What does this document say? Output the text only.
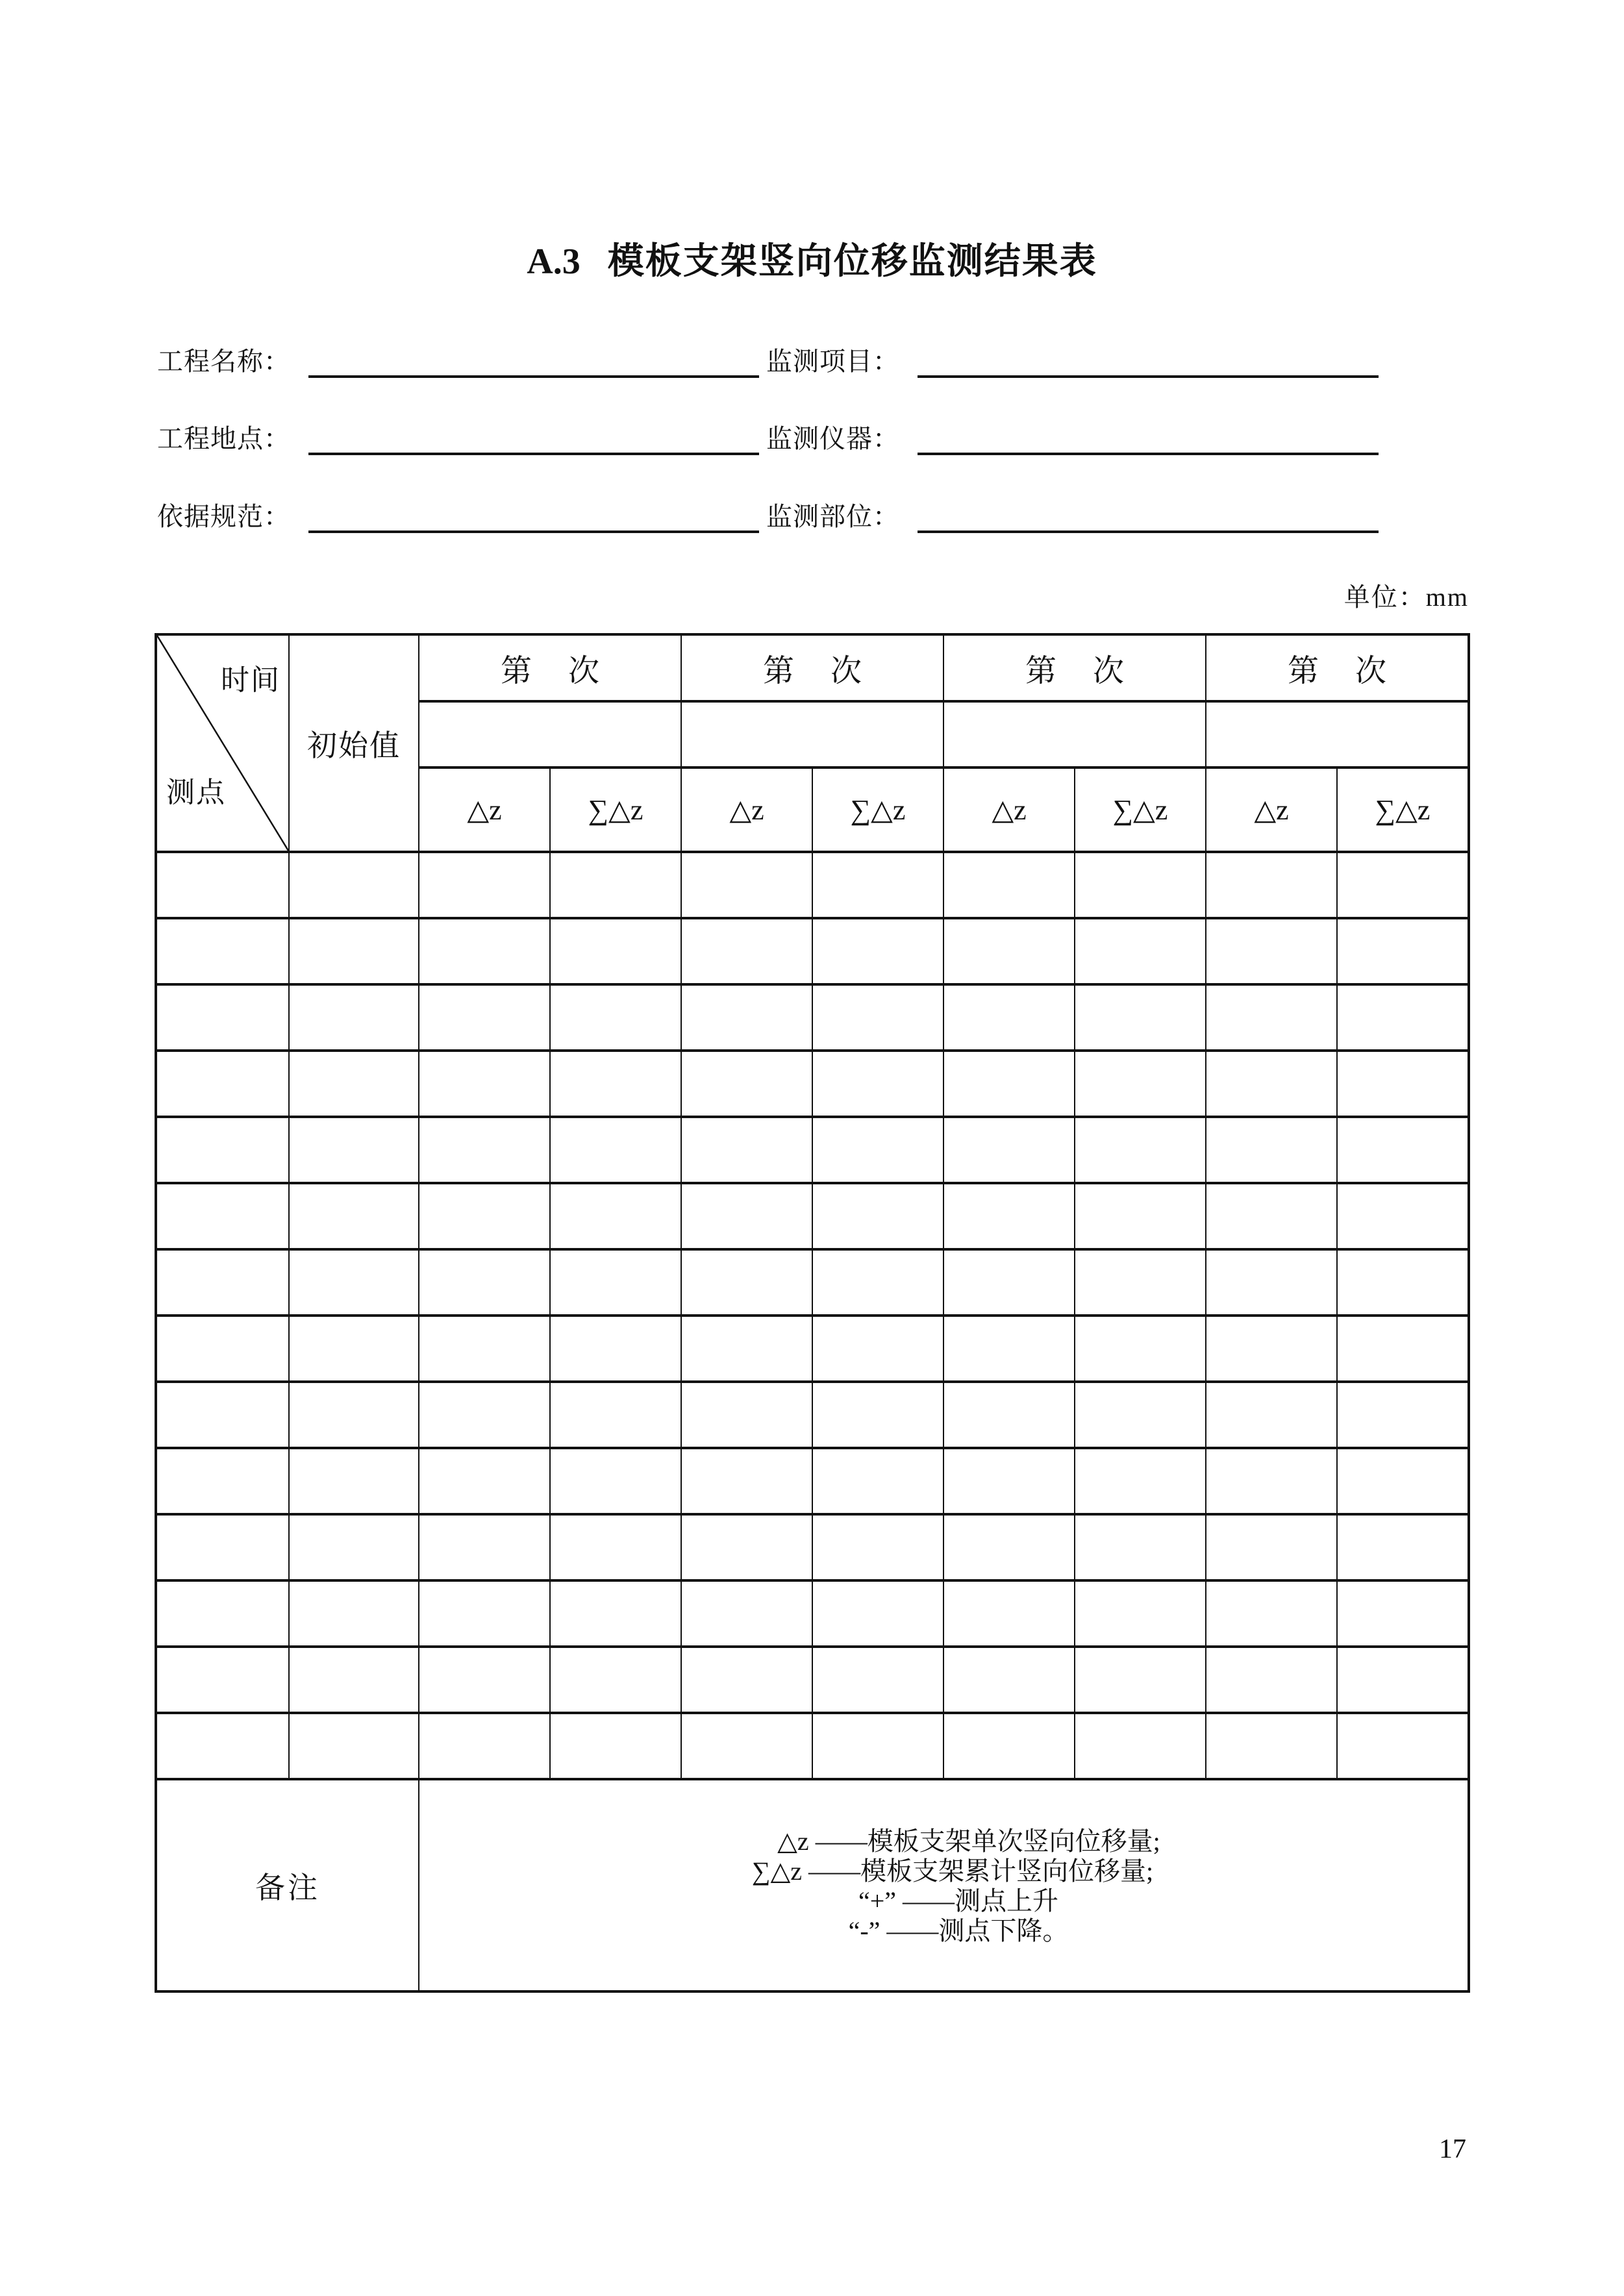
A.3 模板支架竖向位移监测结果表
工程名称：	监测项目：
工程地点：	监测仪器：
依据规范：	监测部位：
单位：mm
时间
测点	初始值	第 次		第 次		第 次		第 次	

		△z	∑△z	△z	∑△z	△z	∑△z	△z	∑△z

备注		△z ——模板支架单次竖向位移量;
∑△z ——模板支架累计竖向位移量;
“+” ——测点上升
“-” ——测点下降。							
17
